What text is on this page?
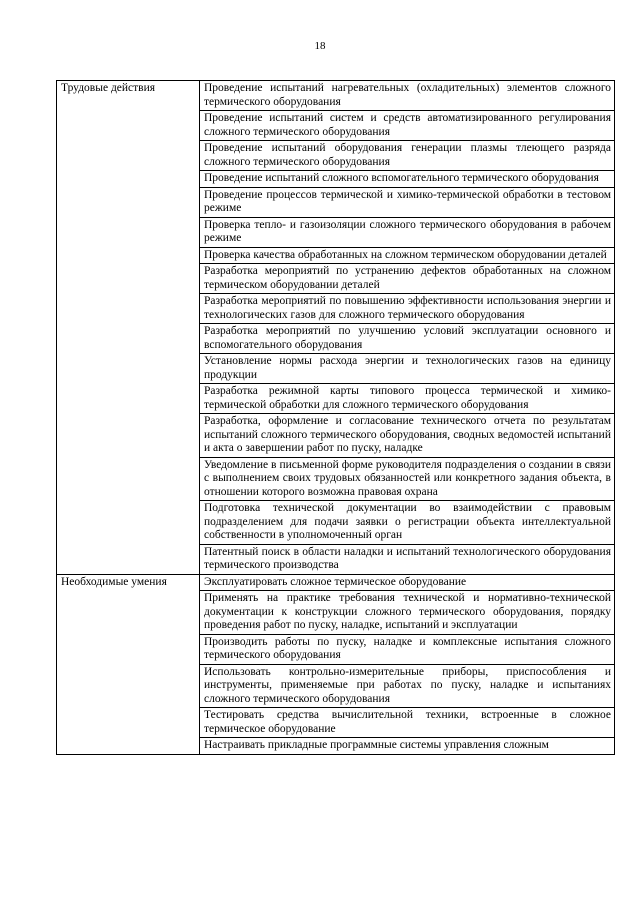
18
Трудовые действия	Проведение испытаний нагревательных (охладительных) элементов сложного термического оборудования
	Проведение испытаний систем и средств автоматизированного регулирования сложного термического оборудования
	Проведение испытаний оборудования генерации плазмы тлеющего разряда сложного термического оборудования
	Проведение испытаний сложного вспомогательного термического оборудования
	Проведение процессов термической и химико-термической обработки в тестовом режиме
	Проверка тепло- и газоизоляции сложного термического оборудования в рабочем режиме
	Проверка качества обработанных на сложном термическом оборудовании деталей
	Разработка мероприятий по устранению дефектов обработанных на сложном термическом оборудовании деталей
	Разработка мероприятий по повышению эффективности использования энергии и технологических газов для сложного термического оборудования
	Разработка мероприятий по улучшению условий эксплуатации основного и вспомогательного оборудования
	Установление нормы расхода энергии и технологических газов на единицу продукции
	Разработка режимной карты типового процесса термической и химико-термической обработки для сложного термического оборудования
	Разработка, оформление и согласование технического отчета по результатам испытаний сложного термического оборудования, сводных ведомостей испытаний и акта о завершении работ по пуску, наладке
	Уведомление в письменной форме руководителя подразделения о создании в связи с выполнением своих трудовых обязанностей или конкретного задания объекта, в отношении которого возможна правовая охрана
	Подготовка технической документации во взаимодействии с правовым подразделением для подачи заявки о регистрации объекта интеллектуальной собственности в уполномоченный орган
	Патентный поиск в области наладки и испытаний технологического оборудования термического производства
Необходимые умения	Эксплуатировать сложное термическое оборудование
	Применять на практике требования технической и нормативно-технической документации к конструкции сложного термического оборудования, порядку проведения работ по пуску, наладке, испытаний и эксплуатации
	Производить работы по пуску, наладке и комплексные испытания сложного термического оборудования
	Использовать контрольно-измерительные приборы, приспособления и инструменты, применяемые при работах по пуску, наладке и испытаниях сложного термического оборудования
	Тестировать средства вычислительной техники, встроенные в сложное термическое оборудование
	Настраивать прикладные программные системы управления сложным
